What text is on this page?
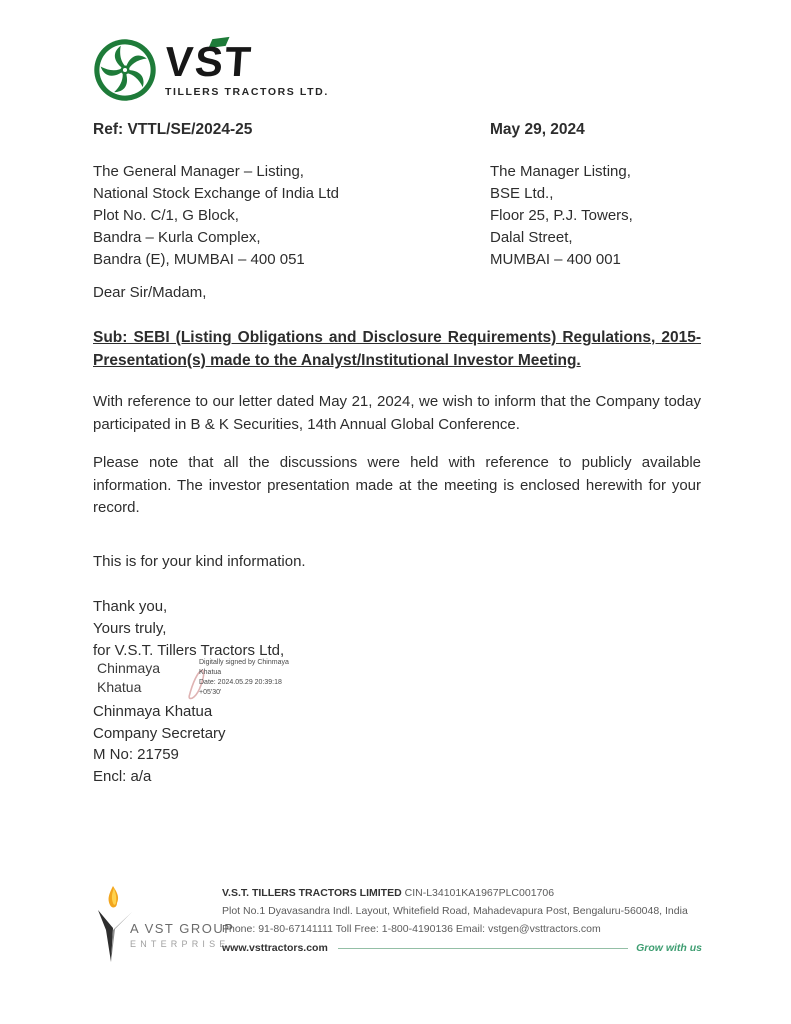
VST
TILLERS TRACTORS LTD.
Ref: VTTL/SE/2024-25	May 29, 2024
The General Manager – Listing,
National Stock Exchange of India Ltd
Plot No. C/1, G Block,
Bandra – Kurla Complex,
Bandra (E), MUMBAI – 400 051
The Manager Listing,
BSE Ltd.,
Floor 25, P.J. Towers,
Dalal Street,
MUMBAI – 400 001
Dear Sir/Madam,
Sub: SEBI (Listing Obligations and Disclosure Requirements) Regulations, 2015-
Presentation(s) made to the Analyst/Institutional Investor Meeting.
With reference to our letter dated May 21, 2024, we wish to inform that the Company today participated in B & K Securities, 14th Annual Global Conference.
Please note that all the discussions were held with reference to publicly available information. The investor presentation made at the meeting is enclosed herewith for your record.
This is for your kind information.
Thank you,
Yours truly,
for V.S.T. Tillers Tractors Ltd,
Chinmaya
Khatua
Digitally signed by Chinmaya
Khatua
Date: 2024.05.29 20:39:18
+05'30'
Chinmaya Khatua
Company Secretary
M No: 21759
Encl: a/a
A VST GROUP
ENTERPRISE
V.S.T. TILLERS TRACTORS LIMITED CIN-L34101KA1967PLC001706
Plot No.1 Dyavasandra Indl. Layout, Whitefield Road, Mahadevapura Post, Bengaluru-560048, India
Phone: 91-80-67141111 Toll Free: 1-800-4190136 Email: vstgen@vsttractors.com
www.vsttractors.com	Grow with us
